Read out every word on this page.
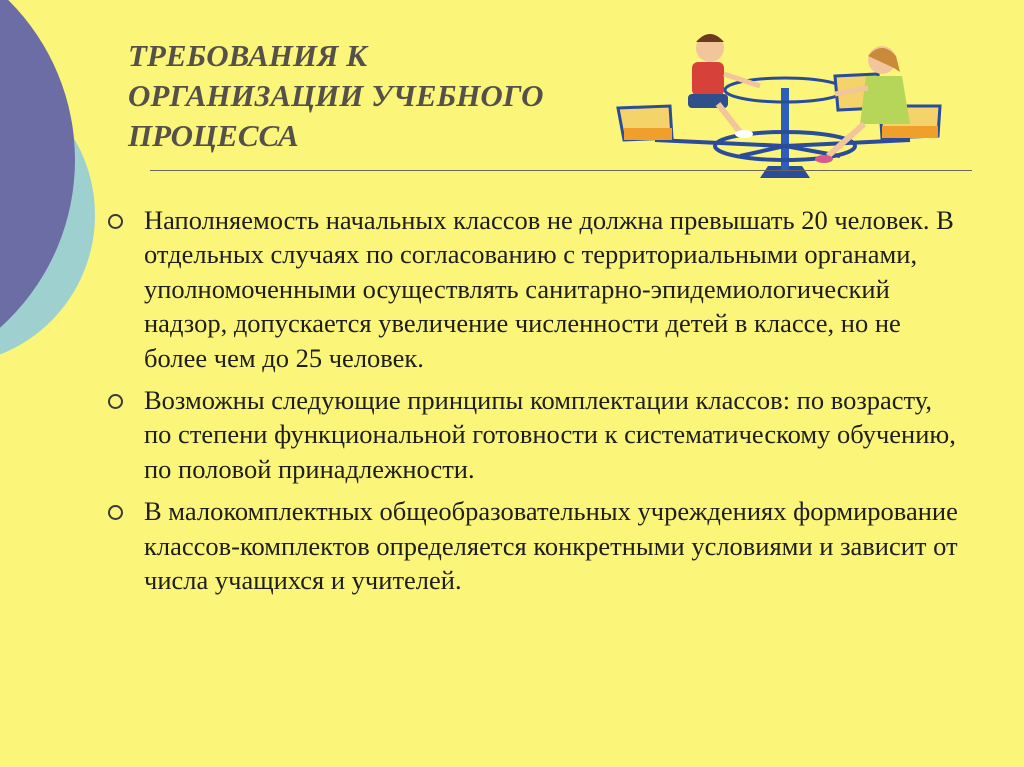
ТРЕБОВАНИЯ К
ОРГАНИЗАЦИИ УЧЕБНОГО
ПРОЦЕССА
Наполняемость начальных классов не должна превышать 20 человек. В отдельных случаях по согласованию с территориальными органами, уполномоченными осуществлять санитарно-эпидемиологический надзор, допускается увеличение численности детей в классе, но не более чем до 25 человек.
Возможны следующие принципы комплектации классов: по возрасту, по степени функциональной готовности к систематическому обучению, по половой принадлежности.
В малокомплектных общеобразовательных учреждениях формирование классов-комплектов определяется конкретными условиями и зависит от числа учащихся и учителей.
